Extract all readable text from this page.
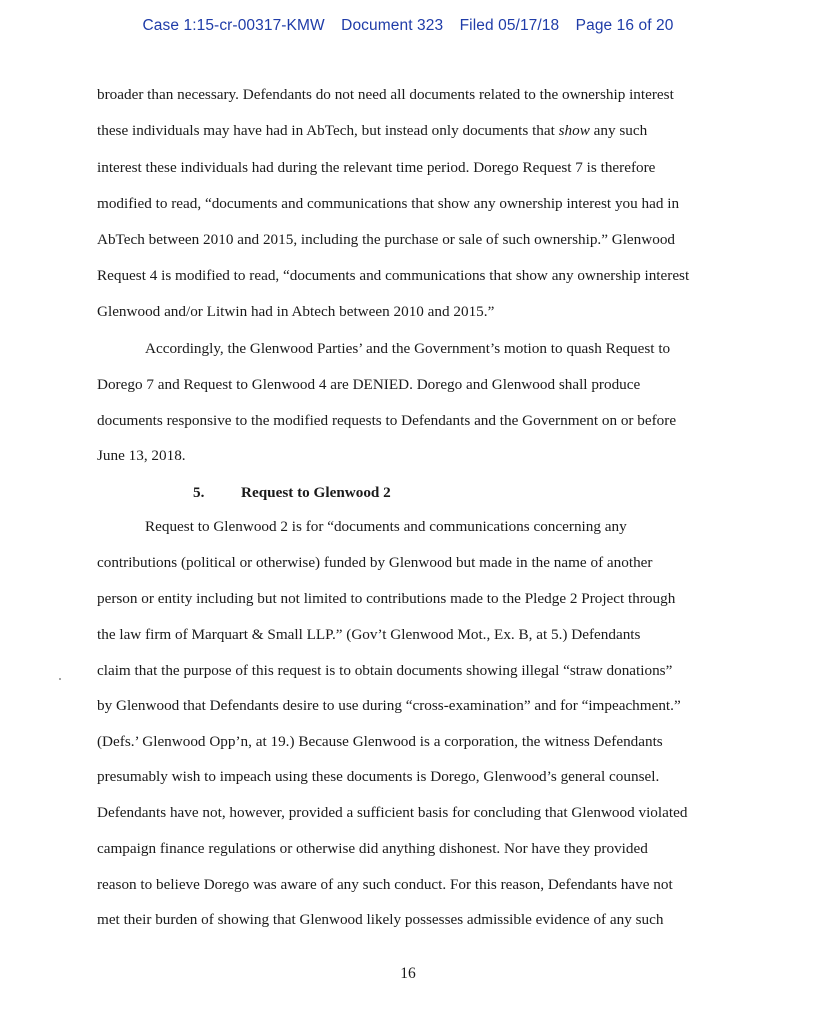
Case 1:15-cr-00317-KMW Document 323 Filed 05/17/18 Page 16 of 20
broader than necessary. Defendants do not need all documents related to the ownership interest
these individuals may have had in AbTech, but instead only documents that show any such
interest these individuals had during the relevant time period. Dorego Request 7 is therefore
modified to read, “documents and communications that show any ownership interest you had in
AbTech between 2010 and 2015, including the purchase or sale of such ownership.” Glenwood
Request 4 is modified to read, “documents and communications that show any ownership interest
Glenwood and/or Litwin had in Abtech between 2010 and 2015.”
Accordingly, the Glenwood Parties’ and the Government’s motion to quash Request to
Dorego 7 and Request to Glenwood 4 are DENIED. Dorego and Glenwood shall produce
documents responsive to the modified requests to Defendants and the Government on or before
June 13, 2018.
5. Request to Glenwood 2
Request to Glenwood 2 is for “documents and communications concerning any
contributions (political or otherwise) funded by Glenwood but made in the name of another
person or entity including but not limited to contributions made to the Pledge 2 Project through
the law firm of Marquart & Small LLP.” (Gov’t Glenwood Mot., Ex. B, at 5.) Defendants
claim that the purpose of this request is to obtain documents showing illegal “straw donations”
by Glenwood that Defendants desire to use during “cross-examination” and for “impeachment.”
(Defs.’ Glenwood Opp’n, at 19.) Because Glenwood is a corporation, the witness Defendants
presumably wish to impeach using these documents is Dorego, Glenwood’s general counsel.
Defendants have not, however, provided a sufficient basis for concluding that Glenwood violated
campaign finance regulations or otherwise did anything dishonest. Nor have they provided
reason to believe Dorego was aware of any such conduct. For this reason, Defendants have not
met their burden of showing that Glenwood likely possesses admissible evidence of any such
16
